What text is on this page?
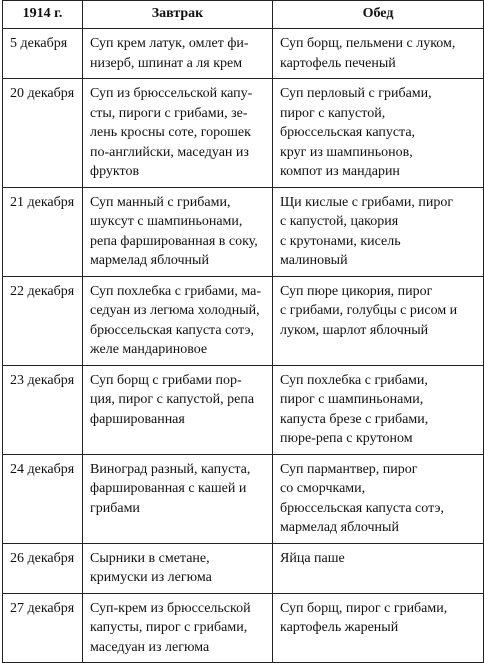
1914 г.	Завтрак	Обед
5 декабря	Суп крем латук, омлет фи-
низерб, шпинат а ля крем	Суп борщ, пельмени с луком,
картофель печеный
20 декабря	Суп из брюссельской капу-
сты, пироги с грибами, зе-
лень кросны соте, горошек
по-английски, маседуан из
фруктов	Суп перловый с грибами,
пирог с капустой,
брюссельская капуста,
круг из шампиньонов,
компот из мандарин
21 декабря	Суп манный с грибами,
шукcут с шампиньонами,
репа фаршированная в соку,
мармелад яблочный	Щи кислые с грибами, пирог
с капустой, цакория
с крутонами, кисель
малиновый
22 декабря	Суп похлебка с грибами, ма-
седуан из легюма холодный,
брюссельская капуста сотэ,
желе мандариновое	Суп пюре цикория, пирог
с грибами, голубцы с рисом и
луком, шарлот яблочный
23 декабря	Суп борщ с грибами пор-
ция, пирог с капустой, репа
фаршированная	Суп похлебка с грибами,
пирог с шампиньонами,
капуста брезе с грибами,
пюре-репа с крутоном
24 декабря	Виноград разный, капуста,
фаршированная с кашей и
грибами	Суп пармантвер, пирог
со сморчками,
брюссельская капуста сотэ,
мармелад яблочный
26 декабря	Сырники в сметане,
кримуски из легюма	Яйца паше
27 декабря	Суп-крем из брюссельской
капусты, пирог с грибами,
маседуан из легюма	Суп борщ, пирог с грибами,
картофель жареный
